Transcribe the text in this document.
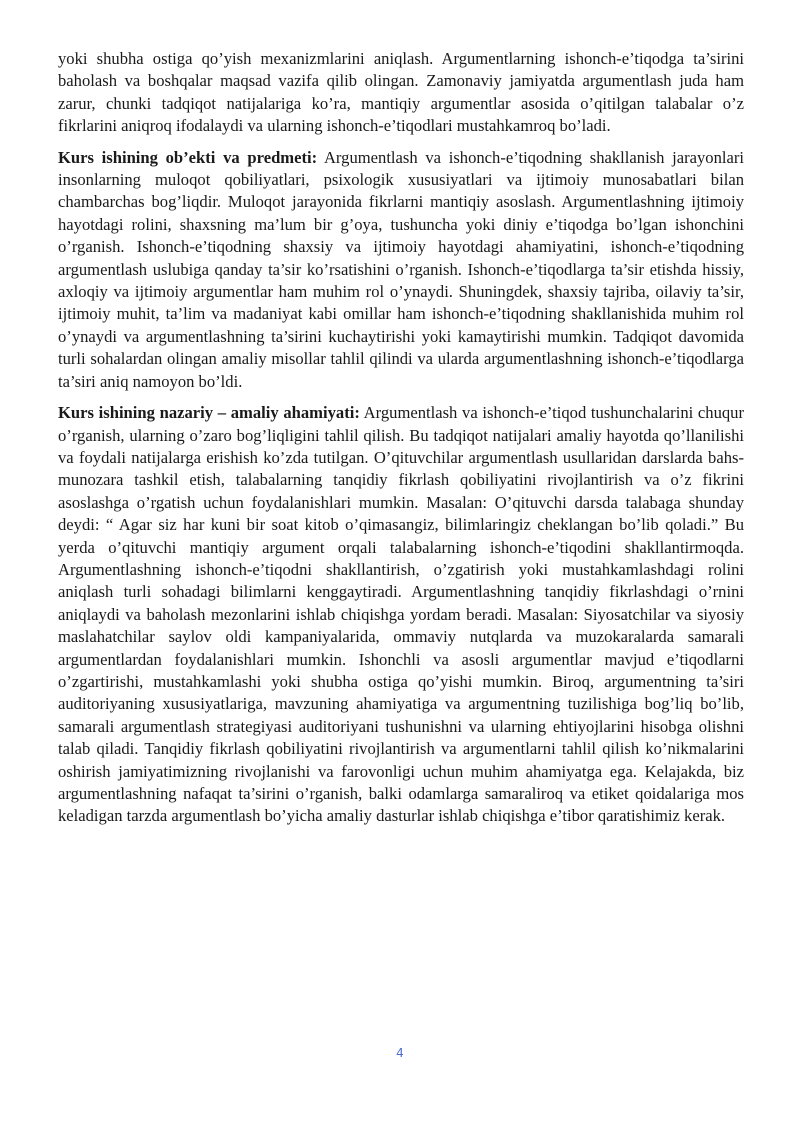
yoki shubha ostiga qo’yish mexanizmlarini aniqlash. Argumentlarning ishonch-e’tiqodga ta’sirini baholash va boshqalar maqsad vazifa qilib olingan. Zamonaviy jamiyatda argumentlash juda ham zarur, chunki tadqiqot natijalariga ko’ra, mantiqiy argumentlar asosida o’qitilgan talabalar o’z fikrlarini aniqroq ifodalaydi va ularning ishonch-e’tiqodlari mustahkamroq bo’ladi.

Kurs ishining ob’ekti va predmeti: Argumentlash va ishonch-e’tiqodning shakllanish jarayonlari insonlarning muloqot qobiliyatlari, psixologik xususiyatlari va ijtimoiy munosabatlari bilan chambarchas bog’liqdir. Muloqot jarayonida fikrlarni mantiqiy asoslash. Argumentlashning ijtimoiy hayotdagi rolini, shaxsning ma’lum bir g’oya, tushuncha yoki diniy e’tiqodga bo’lgan ishonchini o’rganish. Ishonch-e’tiqodning shaxsiy va ijtimoiy hayotdagi ahamiyatini, ishonch-e’tiqodning argumentlash uslubiga qanday ta’sir ko’rsatishini o’rganish. Ishonch-e’tiqodlarga ta’sir etishda hissiy, axloqiy va ijtimoiy argumentlar ham muhim rol o’ynaydi. Shuningdek, shaxsiy tajriba, oilaviy ta’sir, ijtimoiy muhit, ta’lim va madaniyat kabi omillar ham ishonch-e’tiqodning shakllanishida muhim rol o’ynaydi va argumentlashning ta’sirini kuchaytirishi yoki kamaytirishi mumkin. Tadqiqot davomida turli sohalardan olingan amaliy misollar tahlil qilindi va ularda argumentlashning ishonch-e’tiqodlarga ta’siri aniq namoyon bo’ldi.

Kurs ishining nazariy – amaliy ahamiyati: Argumentlash va ishonch-e’tiqod tushunchalarini chuqur o’rganish, ularning o’zaro bog’liqligini tahlil qilish. Bu tadqiqot natijalari amaliy hayotda qo’llanilishi va foydali natijalarga erishish ko’zda tutilgan. O’qituvchilar argumentlash usullaridan darslarda bahs-munozara tashkil etish, talabalarning tanqidiy fikrlash qobiliyatini rivojlantirish va o’z fikrini asoslashga o’rgatish uchun foydalanishlari mumkin. Masalan: O’qituvchi darsda talabaga shunday deydi: “ Agar siz har kuni bir soat kitob o’qimasangiz, bilimlaringiz cheklangan bo’lib qoladi.” Bu yerda o’qituvchi mantiqiy argument orqali talabalarning ishonch-e’tiqodini shakllantirmoqda. Argumentlashning ishonch-e’tiqodni shakllantirish, o’zgatirish yoki mustahkamlashdagi rolini aniqlash turli sohadagi bilimlarni kenggaytiradi. Argumentlashning tanqidiy fikrlashdagi o’rnini aniqlaydi va baholash mezonlarini ishlab chiqishga yordam beradi. Masalan: Siyosatchilar va siyosiy maslahatchilar saylov oldi kampaniyalarida, ommaviy nutqlarda va muzokaralarda samarali argumentlardan foydalanishlari mumkin. Ishonchli va asosli argumentlar mavjud e’tiqodlarni o’zgartirishi, mustahkamlashi yoki shubha ostiga qo’yishi mumkin. Biroq, argumentning ta’siri auditoriyaning xususiyatlariga, mavzuning ahamiyatiga va argumentning tuzilishiga bog’liq bo’lib, samarali argumentlash strategiyasi auditoriyani tushunishni va ularning ehtiyojlarini hisobga olishni talab qiladi. Tanqidiy fikrlash qobiliyatini rivojlantirish va argumentlarni tahlil qilish ko’nikmalarini oshirish jamiyatimizning rivojlanishi va farovonligi uchun muhim ahamiyatga ega. Kelajakda, biz argumentlashning nafaqat ta’sirini o’rganish, balki odamlarga samaraliroq va etiket qoidalariga mos keladigan tarzda argumentlash bo’yicha amaliy dasturlar ishlab chiqishga e’tibor qaratishimiz kerak.

4
